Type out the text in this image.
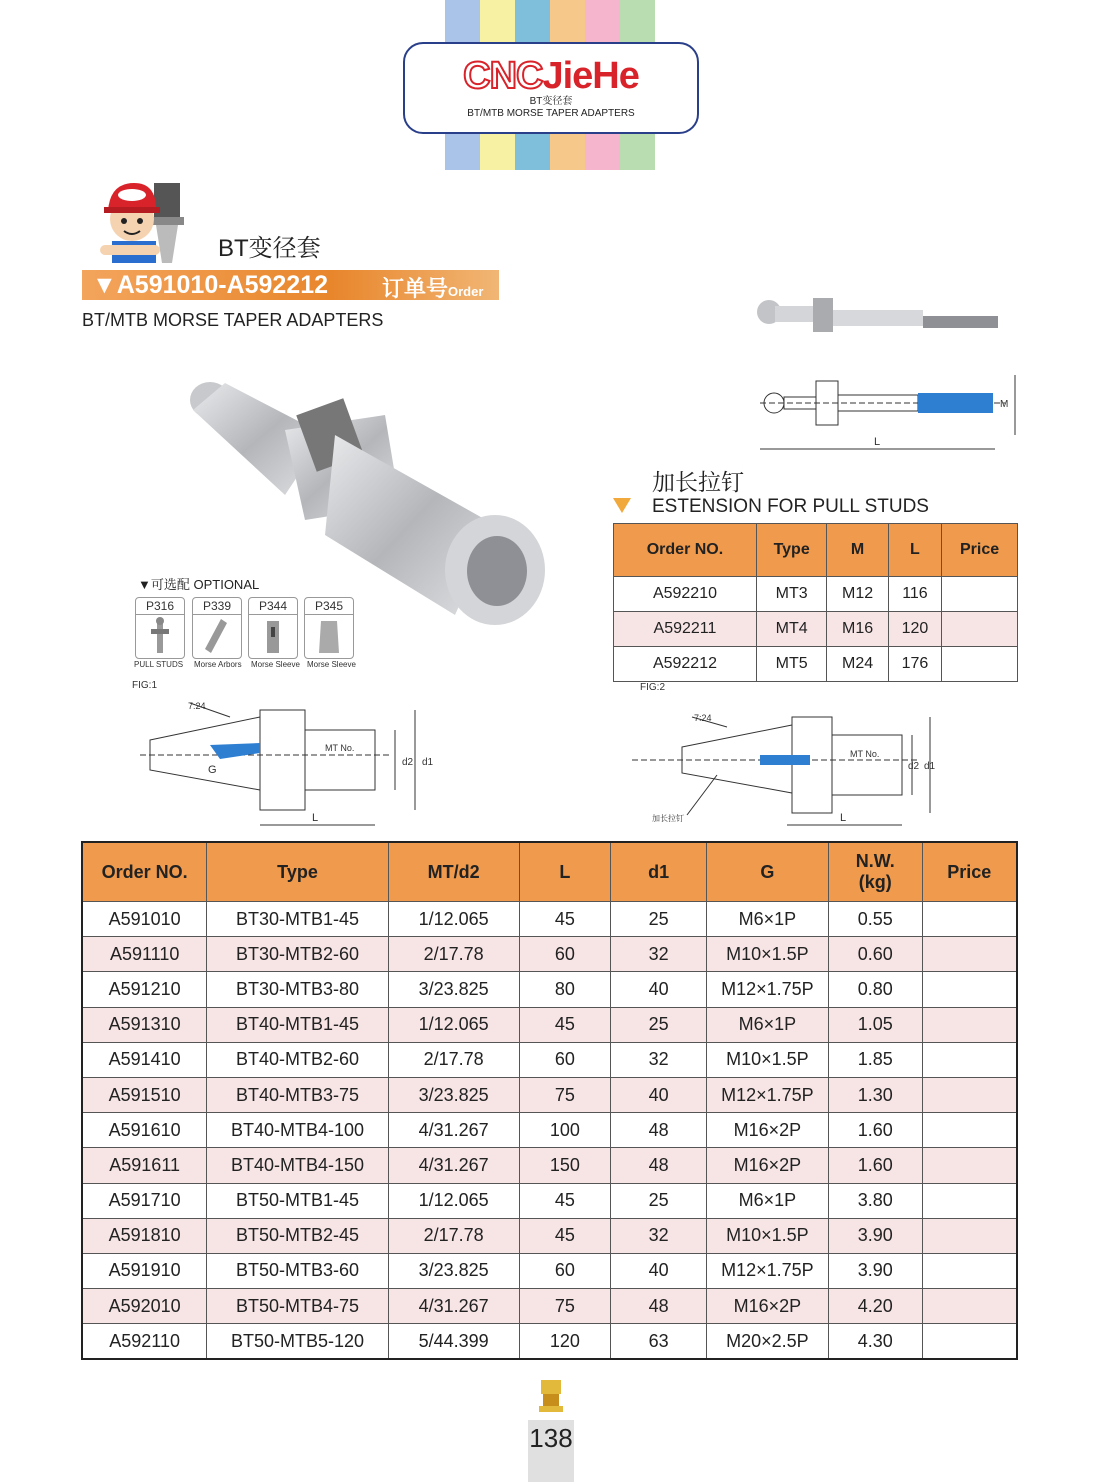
CNCJieHe
BT变径套
BT/MTB MORSE TAPER ADAPTERS
BT变径套
▼A591010-A592212 订单号Order NO.
BT/MTB MORSE TAPER ADAPTERS
▼可选配 OPTIONAL
P316	P339	P344	P345
PULL STUDS Morse Arbors Morse Sleeve Morse Sleeve
FIG:1
7:24
MT No.
G
d2 d1
L
L
M
加长拉钉
ESTENSION FOR PULL STUDS
Order NO.	Type	M	L	Price
A592210	MT3	M12	116	
A592211	MT4	M16	120	
A592212	MT5	M24	176	
FIG:2
7:24
MT No.
d2 d1
L
加长拉钉
Order NO.	Type	MT/d2	L	d1	G	N.W.
(kg)	Price
A591010	BT30-MTB1-45	1/12.065	45	25	M6×1P	0.55	
A591110	BT30-MTB2-60	2/17.78	60	32	M10×1.5P	0.60	
A591210	BT30-MTB3-80	3/23.825	80	40	M12×1.75P	0.80	
A591310	BT40-MTB1-45	1/12.065	45	25	M6×1P	1.05	
A591410	BT40-MTB2-60	2/17.78	60	32	M10×1.5P	1.85	
A591510	BT40-MTB3-75	3/23.825	75	40	M12×1.75P	1.30	
A591610	BT40-MTB4-100	4/31.267	100	48	M16×2P	1.60	
A591611	BT40-MTB4-150	4/31.267	150	48	M16×2P	1.60	
A591710	BT50-MTB1-45	1/12.065	45	25	M6×1P	3.80	
A591810	BT50-MTB2-45	2/17.78	45	32	M10×1.5P	3.90	
A591910	BT50-MTB3-60	3/23.825	60	40	M12×1.75P	3.90	
A592010	BT50-MTB4-75	4/31.267	75	48	M16×2P	4.20	
A592110	BT50-MTB5-120	5/44.399	120	63	M20×2.5P	4.30	
138
